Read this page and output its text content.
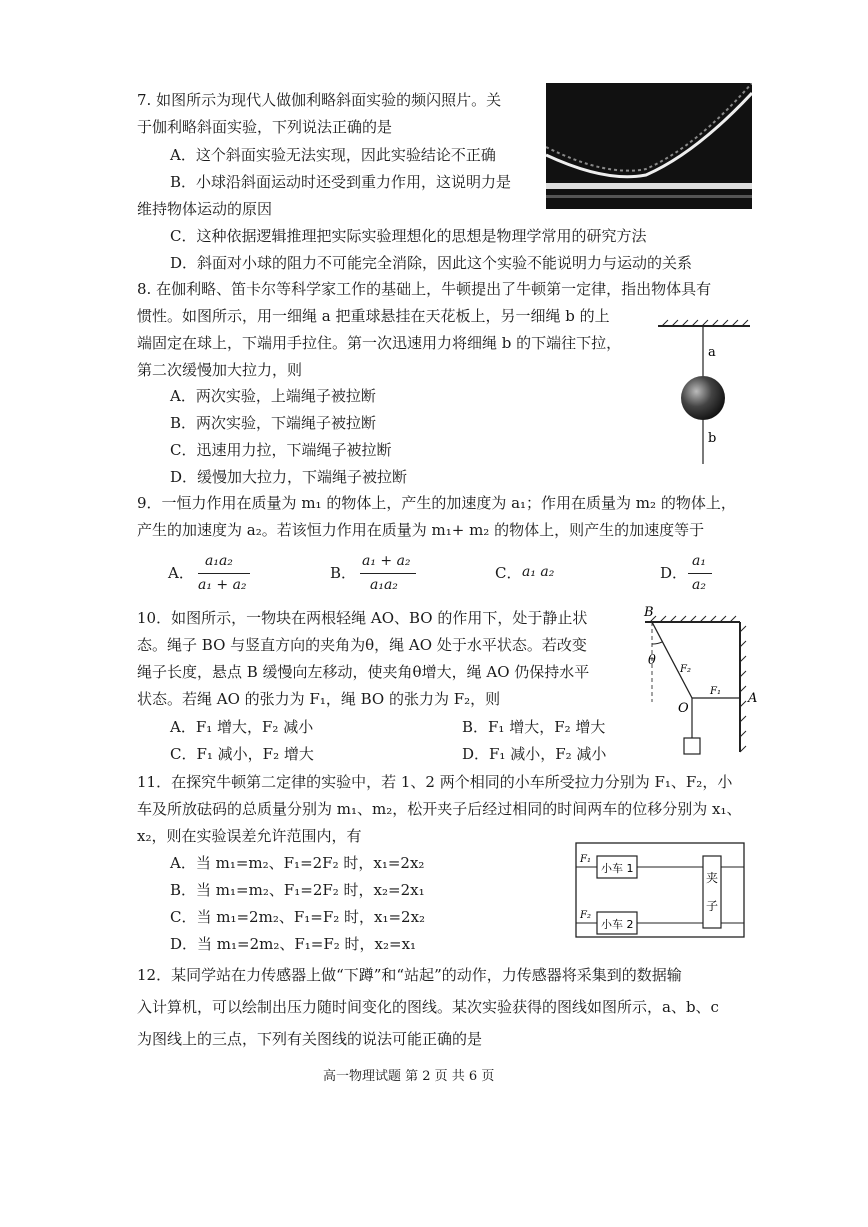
7. 如图所示为现代人做伽利略斜面实验的频闪照片。关
于伽利略斜面实验，下列说法正确的是
A．这个斜面实验无法实现，因此实验结论不正确
B．小球沿斜面运动时还受到重力作用，这说明力是
维持物体运动的原因
C．这种依据逻辑推理把实际实验理想化的思想是物理学常用的研究方法
D．斜面对小球的阻力不可能完全消除，因此这个实验不能说明力与运动的关系
8. 在伽利略、笛卡尔等科学家工作的基础上，牛顿提出了牛顿第一定律，指出物体具有
惯性。如图所示，用一细绳 a 把重球悬挂在天花板上，另一细绳 b 的上
端固定在球上，下端用手拉住。第一次迅速用力将细绳 b 的下端往下拉，
第二次缓慢加大拉力，则
A．两次实验，上端绳子被拉断
B．两次实验，下端绳子被拉断
C．迅速用力拉，下端绳子被拉断
D．缓慢加大拉力，下端绳子被拉断
a
b
9．一恒力作用在质量为 m₁ 的物体上，产生的加速度为 a₁；作用在质量为 m₂ 的物体上，
产生的加速度为 a₂。若该恒力作用在质量为 m₁+ m₂ 的物体上，则产生的加速度等于
A．
a₁a₂
a₁ + a₂
B．
a₁ + a₂
a₁a₂
C． a₁ a₂	D．
a₁
a₂
10．如图所示，一物块在两根轻绳 AO、BO 的作用下，处于静止状
态。绳子 BO 与竖直方向的夹角为θ，绳 AO 处于水平状态。若改变
绳子长度，悬点 B 缓慢向左移动，使夹角θ增大，绳 AO 仍保持水平
状态。若绳 AO 的张力为 F₁，绳 BO 的张力为 F₂，则
A．F₁ 增大，F₂ 减小	B．F₁ 增大，F₂ 增大
C．F₁ 减小，F₂ 增大	D．F₁ 减小，F₂ 减小
B
θ
F₂
F₁
O
A
11．在探究牛顿第二定律的实验中，若 1、2 两个相同的小车所受拉力分别为 F₁、F₂，小
车及所放砝码的总质量分别为 m₁、m₂，松开夹子后经过相同的时间两车的位移分别为 x₁、
x₂，则在实验误差允许范围内，有
A．当 m₁=m₂、F₁=2F₂ 时，x₁=2x₂
B．当 m₁=m₂、F₁=2F₂ 时，x₂=2x₁
C．当 m₁=2m₂、F₁=F₂ 时，x₁=2x₂
D．当 m₁=2m₂、F₁=F₂ 时，x₂=x₁
F₁
F₂
小车 1
小车 2
夹
子
12．某同学站在力传感器上做“下蹲”和“站起”的动作，力传感器将采集到的数据输
入计算机，可以绘制出压力随时间变化的图线。某次实验获得的图线如图所示，a、b、c
为图线上的三点，下列有关图线的说法可能正确的是
高一物理试题 第 2 页 共 6 页
